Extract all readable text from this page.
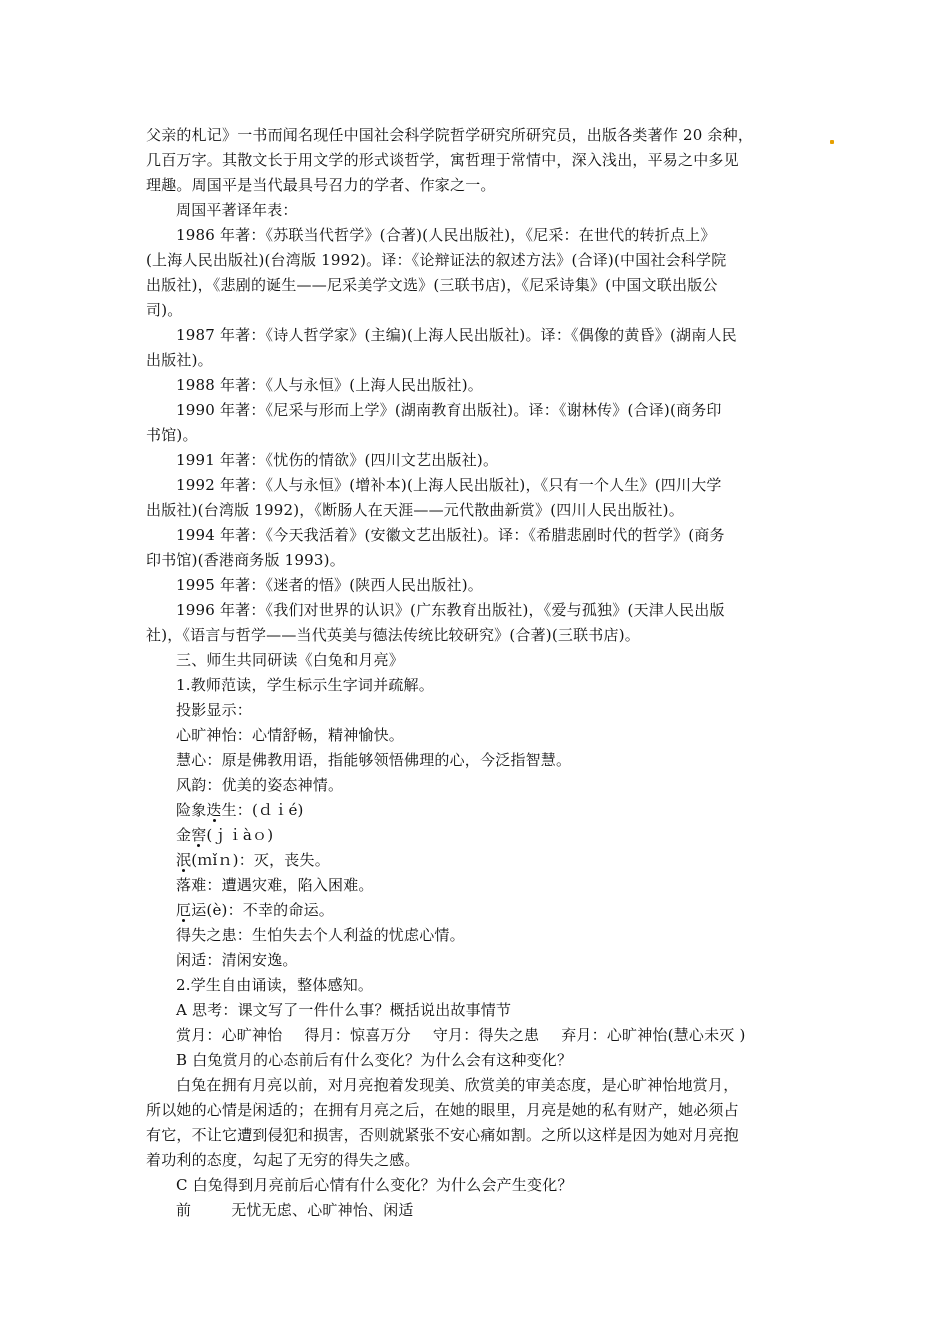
父亲的札记》一书而闻名现任中国社会科学院哲学研究所研究员，出版各类著作 20 余种，
几百万字。其散文长于用文学的形式谈哲学，寓哲理于常情中，深入浅出，平易之中多见
理趣。周国平是当代最具号召力的学者、作家之一。
周国平著译年表：
1986 年著：《苏联当代哲学》(合著)(人民出版社)，《尼采：在世代的转折点上》
(上海人民出版社)(台湾版 1992)。译：《论辩证法的叙述方法》(合译)(中国社会科学院
出版社)，《悲剧的诞生——尼采美学文选》(三联书店)，《尼采诗集》(中国文联出版公
司)。
1987 年著：《诗人哲学家》(主编)(上海人民出版社)。译：《偶像的黄昏》(湖南人民
出版社)。
1988 年著：《人与永恒》(上海人民出版社)。
1990 年著：《尼采与形而上学》(湖南教育出版社)。译：《谢林传》(合译)(商务印
书馆)。
1991 年著：《忧伤的情欲》(四川文艺出版社)。
1992 年著：《人与永恒》(增补本)(上海人民出版社)，《只有一个人生》(四川大学
出版社)(台湾版 1992)，《断肠人在天涯——元代散曲新赏》(四川人民出版社)。
1994 年著：《今天我活着》(安徽文艺出版社)。译：《希腊悲剧时代的哲学》(商务
印书馆)(香港商务版 1993)。
1995 年著：《迷者的悟》(陕西人民出版社)。
1996 年著：《我们对世界的认识》(广东教育出版社)，《爱与孤独》(天津人民出版
社)，《语言与哲学——当代英美与德法传统比较研究》(合著)(三联书店)。
三、师生共同研读《白兔和月亮》
1.教师范读，学生标示生字词并疏解。
投影显示：
心旷神怡：心情舒畅，精神愉快。
慧心：原是佛教用语，指能够领悟佛理的心，今泛指智慧。
风韵：优美的姿态神情。
险象迭生：(ｄｉé)
金窖(ｊｉàｏ)
泯(ｍǐｎ)：灭，丧失。
落难：遭遇灾难，陷入困难。
厄运(è)：不幸的命运。
得失之患：生怕失去个人利益的忧虑心情。
闲适：清闲安逸。
2.学生自由诵读，整体感知。
A 思考：课文写了一件什么事？概括说出故事情节
赏月：心旷神怡 得月：惊喜万分 守月：得失之患 弃月：心旷神怡(慧心未灭 )
B 白兔赏月的心态前后有什么变化？为什么会有这种变化？
白兔在拥有月亮以前，对月亮抱着发现美、欣赏美的审美态度，是心旷神怡地赏月，
所以她的心情是闲适的；在拥有月亮之后，在她的眼里，月亮是她的私有财产，她必须占
有它，不让它遭到侵犯和损害，否则就紧张不安心痛如割。之所以这样是因为她对月亮抱
着功利的态度，勾起了无穷的得失之感。
C 白兔得到月亮前后心情有什么变化？为什么会产生变化？
前	无忧无虑、心旷神怡、闲适
